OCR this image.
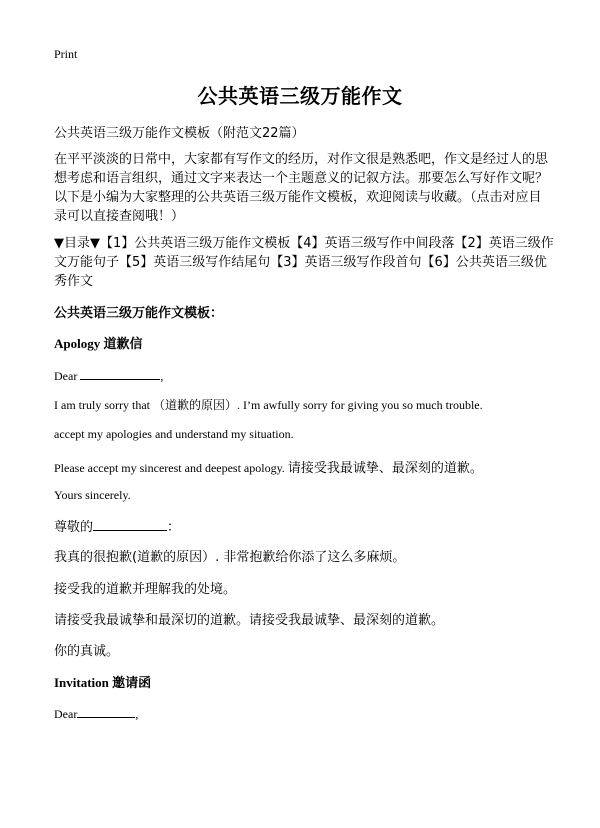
Print
公共英语三级万能作文
公共英语三级万能作文模板（附范文22篇）
在平平淡淡的日常中，大家都有写作文的经历，对作文很是熟悉吧，作文是经过人的思想考虑和语言组织，通过文字来表达一个主题意义的记叙方法。那要怎么写好作文呢？以下是小编为大家整理的公共英语三级万能作文模板，欢迎阅读与收藏。（点击对应目录可以直接查阅哦！）
▼目录▼【1】公共英语三级万能作文模板【4】英语三级写作中间段落【2】英语三级作文万能句子【5】英语三级写作结尾句【3】英语三级写作段首句【6】公共英语三级优秀作文
公共英语三级万能作文模板：
Apology 道歉信
Dear	,
I am truly sorry that （道歉的原因）. I’m awfully sorry for giving you so much trouble.
accept my apologies and understand my situation.
Please accept my sincerest and deepest apology. 请接受我最诚挚、最深刻的道歉。
Yours sincerely.
尊敬的	：
我真的很抱歉(道歉的原因）. 非常抱歉给你添了这么多麻烦。
接受我的道歉并理解我的处境。
请接受我最诚挚和最深切的道歉。请接受我最诚挚、最深刻的道歉。
你的真诚。
Invitation 邀请函
Dear	,
